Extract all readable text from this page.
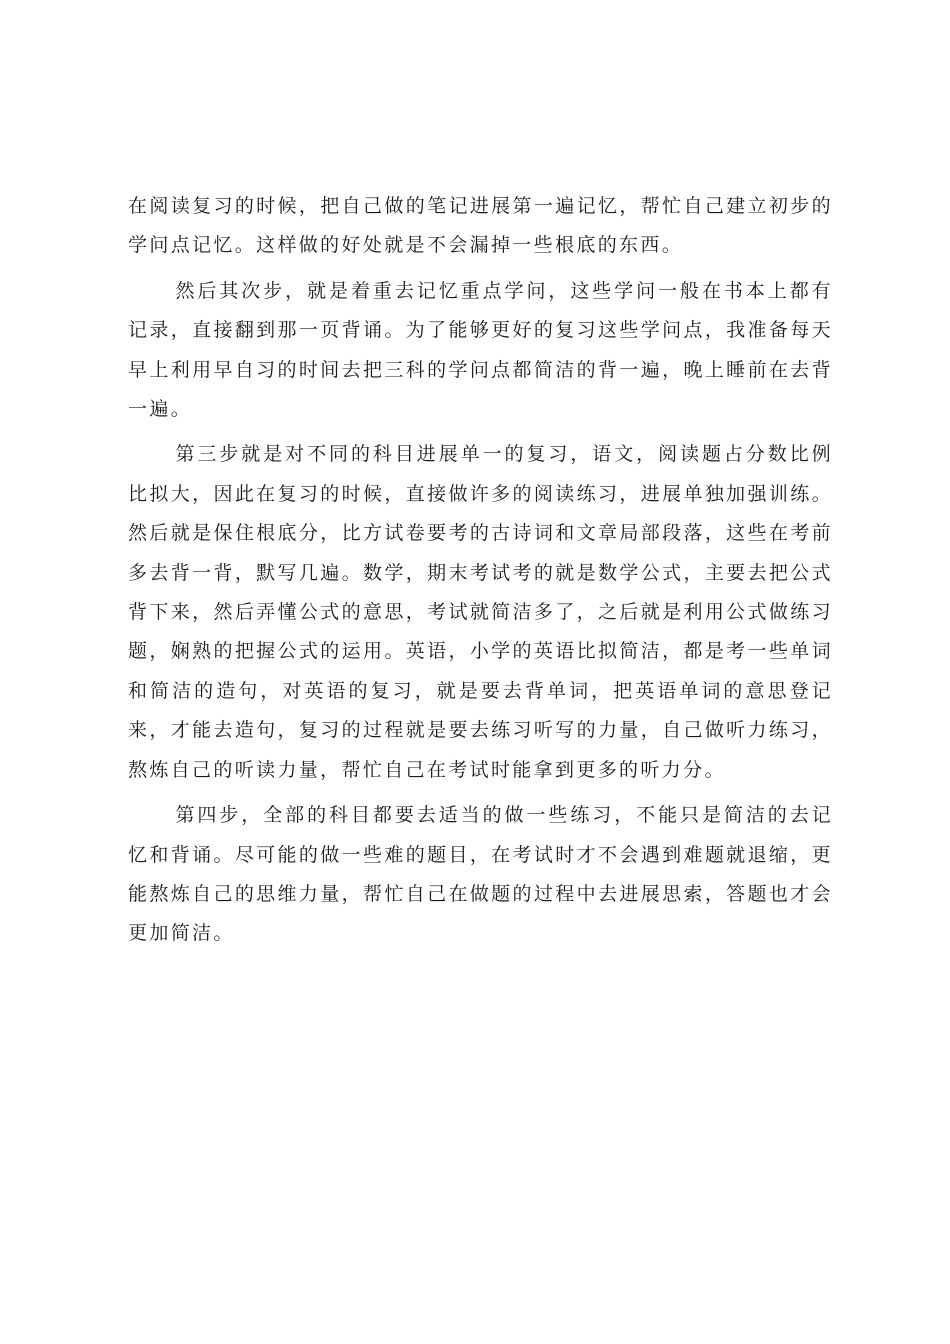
在阅读复习的时候，把自己做的笔记进展第一遍记忆，帮忙自己建立初步的学问点记忆。这样做的好处就是不会漏掉一些根底的东西。

然后其次步，就是着重去记忆重点学问，这些学问一般在书本上都有记录，直接翻到那一页背诵。为了能够更好的复习这些学问点，我准备每天早上利用早自习的时间去把三科的学问点都简洁的背一遍，晚上睡前在去背一遍。

第三步就是对不同的科目进展单一的复习，语文，阅读题占分数比例比拟大，因此在复习的时候，直接做许多的阅读练习，进展单独加强训练。然后就是保住根底分，比方试卷要考的古诗词和文章局部段落，这些在考前多去背一背，默写几遍。数学，期末考试考的就是数学公式，主要去把公式背下来，然后弄懂公式的意思，考试就简洁多了，之后就是利用公式做练习题，娴熟的把握公式的运用。英语，小学的英语比拟简洁，都是考一些单词和简洁的造句，对英语的复习，就是要去背单词，把英语单词的意思登记来，才能去造句，复习的过程就是要去练习听写的力量，自己做听力练习，熬炼自己的听读力量，帮忙自己在考试时能拿到更多的听力分。

第四步，全部的科目都要去适当的做一些练习，不能只是简洁的去记忆和背诵。尽可能的做一些难的题目，在考试时才不会遇到难题就退缩，更能熬炼自己的思维力量，帮忙自己在做题的过程中去进展思索，答题也才会更加简洁。
